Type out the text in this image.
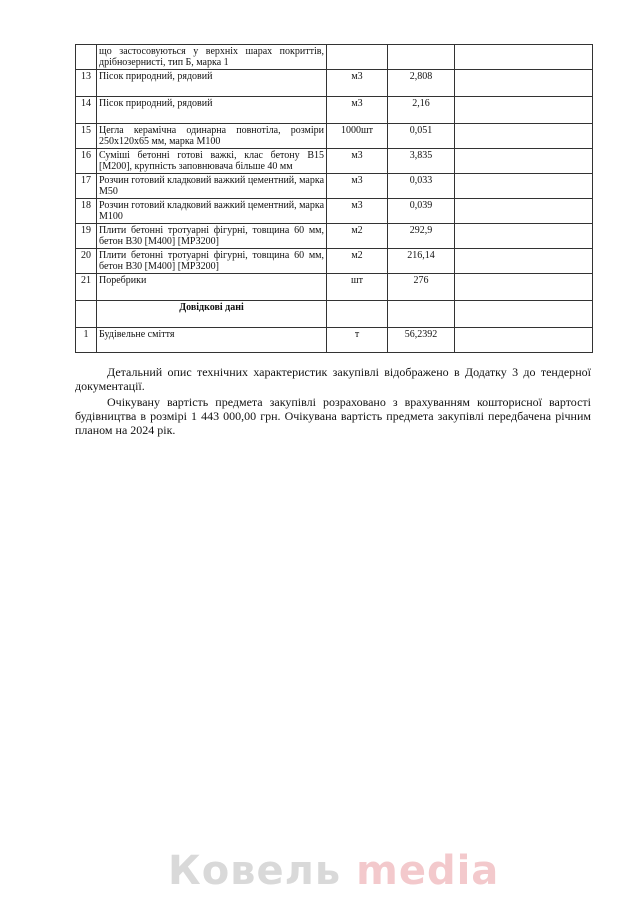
	що застосовуються у верхніх шарах покриттів, дрібнозернисті, тип Б, марка 1			
13	Пісок природний, рядовий	м3	2,808	
14	Пісок природний, рядовий	м3	2,16	
15	Цегла керамічна одинарна повнотіла, розміри 250х120х65 мм, марка М100	1000шт	0,051	
16	Суміші бетонні готові важкі, клас бетону В15 [М200], крупність заповнювача більше 40 мм	м3	3,835	
17	Розчин готовий кладковий важкий цементний, марка М50	м3	0,033	
18	Розчин готовий кладковий важкий цементний, марка М100	м3	0,039	
19	Плити бетонні тротуарні фігурні, товщина 60 мм, бетон В30 [М400] [МРЗ200]	м2	292,9	
20	Плити бетонні тротуарні фігурні, товщина 60 мм, бетон В30 [М400] [МРЗ200]	м2	216,14	
21	Поребрики	шт	276	
	Довідкові дані			
1	Будівельне сміття	т	56,2392	

Детальний опис технічних характеристик закупівлі відображено в Додатку 3 до тендерної документації.

Очікувану вартість предмета закупівлі розраховано з врахуванням кошторисної вартості будівництва в розмірі 1 443 000,00 грн. Очікувана вартість предмета закупівлі передбачена річним планом на 2024 рік.

Ковель media
